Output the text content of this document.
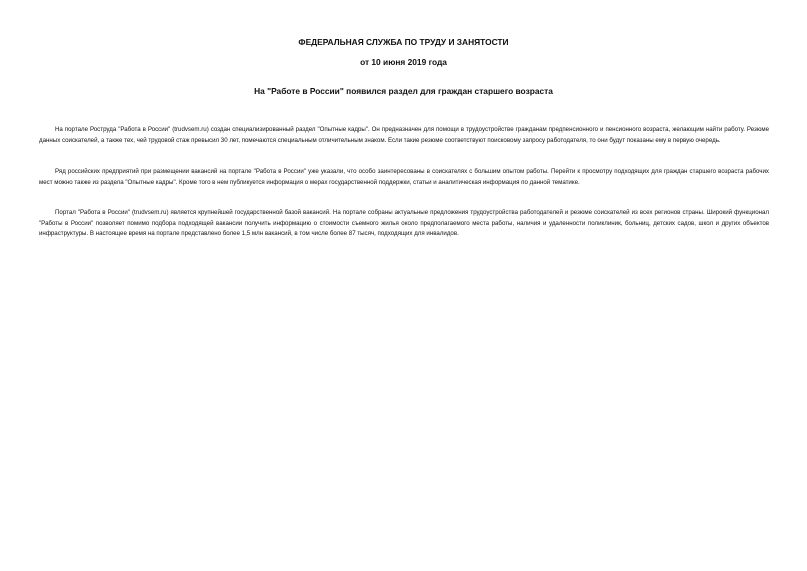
ФЕДЕРАЛЬНАЯ СЛУЖБА ПО ТРУДУ И ЗАНЯТОСТИ
от 10 июня 2019 года
На "Работе в России" появился раздел для граждан старшего возраста

На портале Роструда "Работа в России" (trudvsem.ru) создан специализированный раздел "Опытные кадры". Он предназначен для помощи в трудоустройстве гражданам предпенсионного и пенсионного возраста, желающим найти работу. Резюме данных соискателей, а также тех, чей трудовой стаж превысил 30 лет, помечаются специальным отличительным знаком. Если такие резюме соответствуют поисковому запросу работодателя, то они будут показаны ему в первую очередь.

Ряд российских предприятий при размещении вакансий на портале "Работа в России" уже указали, что особо заинтересованы в соискателях с большим опытом работы. Перейти к просмотру подходящих для граждан старшего возраста рабочих мест можно также из раздела "Опытные кадры". Кроме того в нем публикуется информация о мерах государственной поддержки, статьи и аналитическая информация по данной тематике.

Портал "Работа в России" (trudvsem.ru) является крупнейшей государственной базой вакансий. На портале собраны актуальные предложения трудоустройства работодателей и резюме соискателей из всех регионов страны. Широкий функционал "Работы в России" позволяет помимо подбора подходящей вакансии получить информацию о стоимости съемного жилья около предполагаемого места работы, наличия и удаленности поликлиник, больниц, детских садов, школ и других объектов инфраструктуры. В настоящее время на портале представлено более 1,5 млн вакансий, в том числе более 87 тысяч, подходящих для инвалидов.
